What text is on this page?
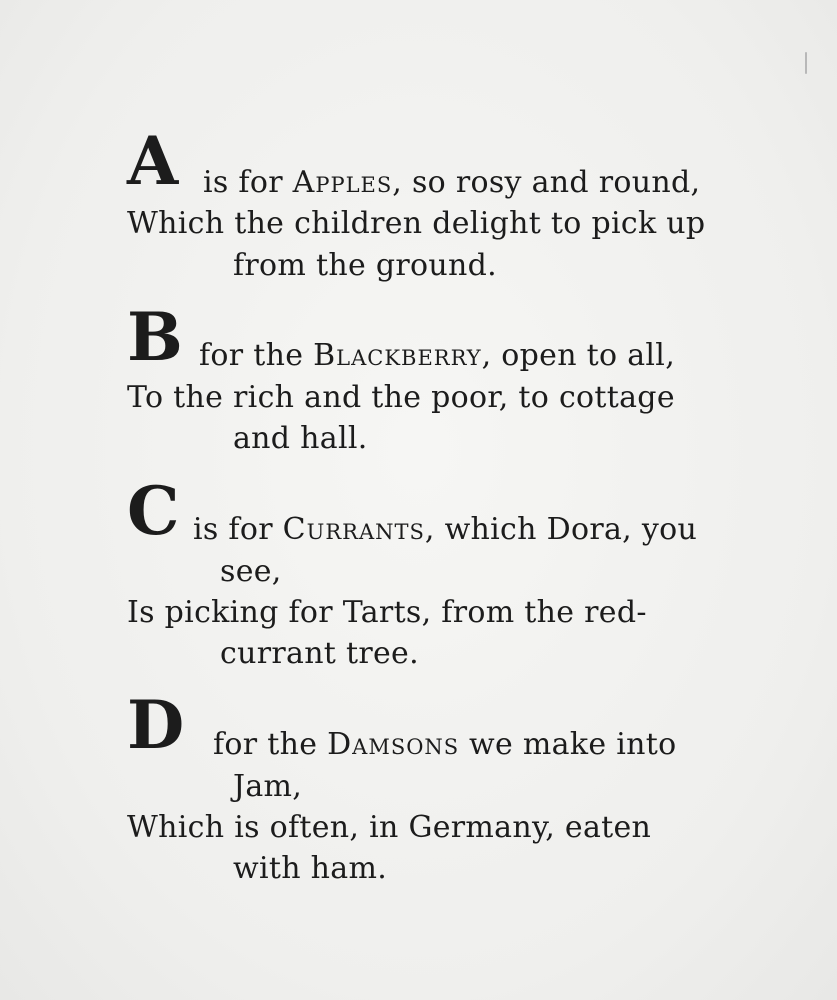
A is for Apples, so rosy and round,
Which the children delight to pick up
from the ground.
B for the Blackberry, open to all,
To the rich and the poor, to cottage
and hall.
C is for Currants, which Dora, you
see,
Is picking for Tarts, from the red-
currant tree.
D for the Damsons we make into
Jam,
Which is often, in Germany, eaten
with ham.
